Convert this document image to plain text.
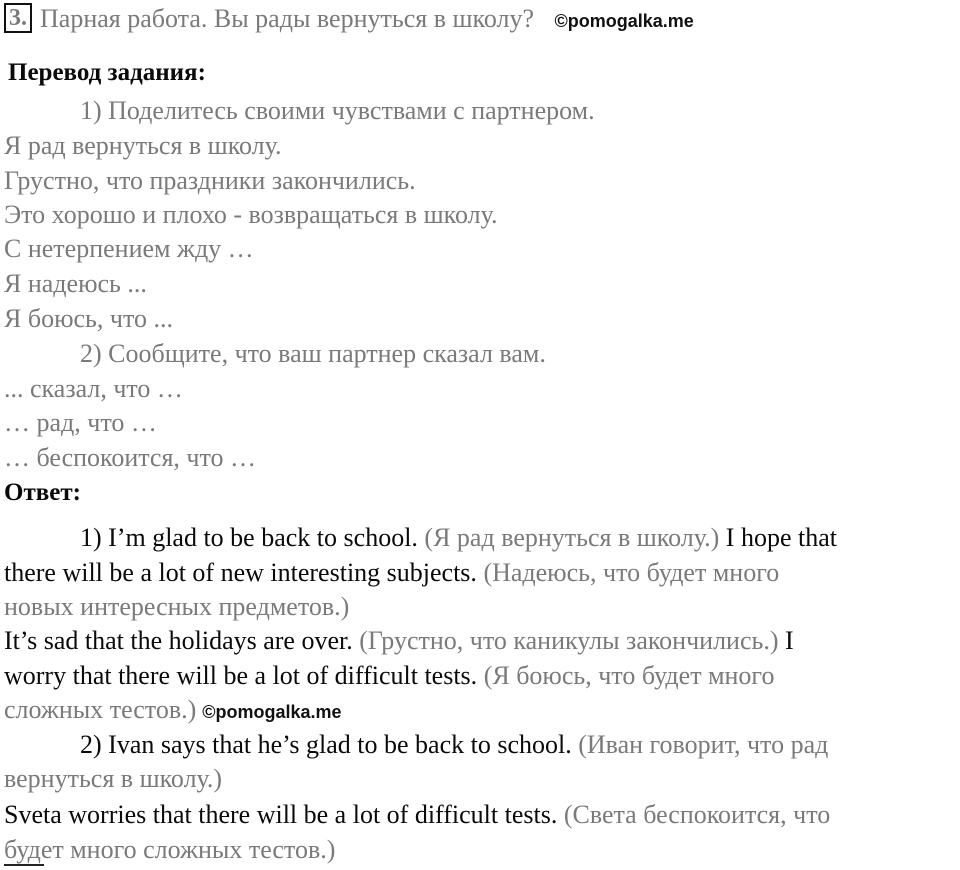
3. Парная работа. Вы рады вернуться в школу? ©pomogalka.me
Перевод задания:
1) Поделитесь своими чувствами с партнером.
Я рад вернуться в школу.
Грустно, что праздники закончились.
Это хорошо и плохо - возвращаться в школу.
С нетерпением жду …
Я надеюсь ...
Я боюсь, что ...
2) Сообщите, что ваш партнер сказал вам.
... сказал, что …
… рад, что …
… беспокоится, что …
Ответ:
1) I’m glad to be back to school. (Я рад вернуться в школу.) I hope that
there will be a lot of new interesting subjects. (Надеюсь, что будет много
новых интересных предметов.)
It’s sad that the holidays are over. (Грустно, что каникулы закончились.) I
worry that there will be a lot of difficult tests. (Я боюсь, что будет много
сложных тестов.) ©pomogalka.me
2) Ivan says that he’s glad to be back to school. (Иван говорит, что рад
вернуться в школу.)
Sveta worries that there will be a lot of difficult tests. (Света беспокоится, что
будет много сложных тестов.)
